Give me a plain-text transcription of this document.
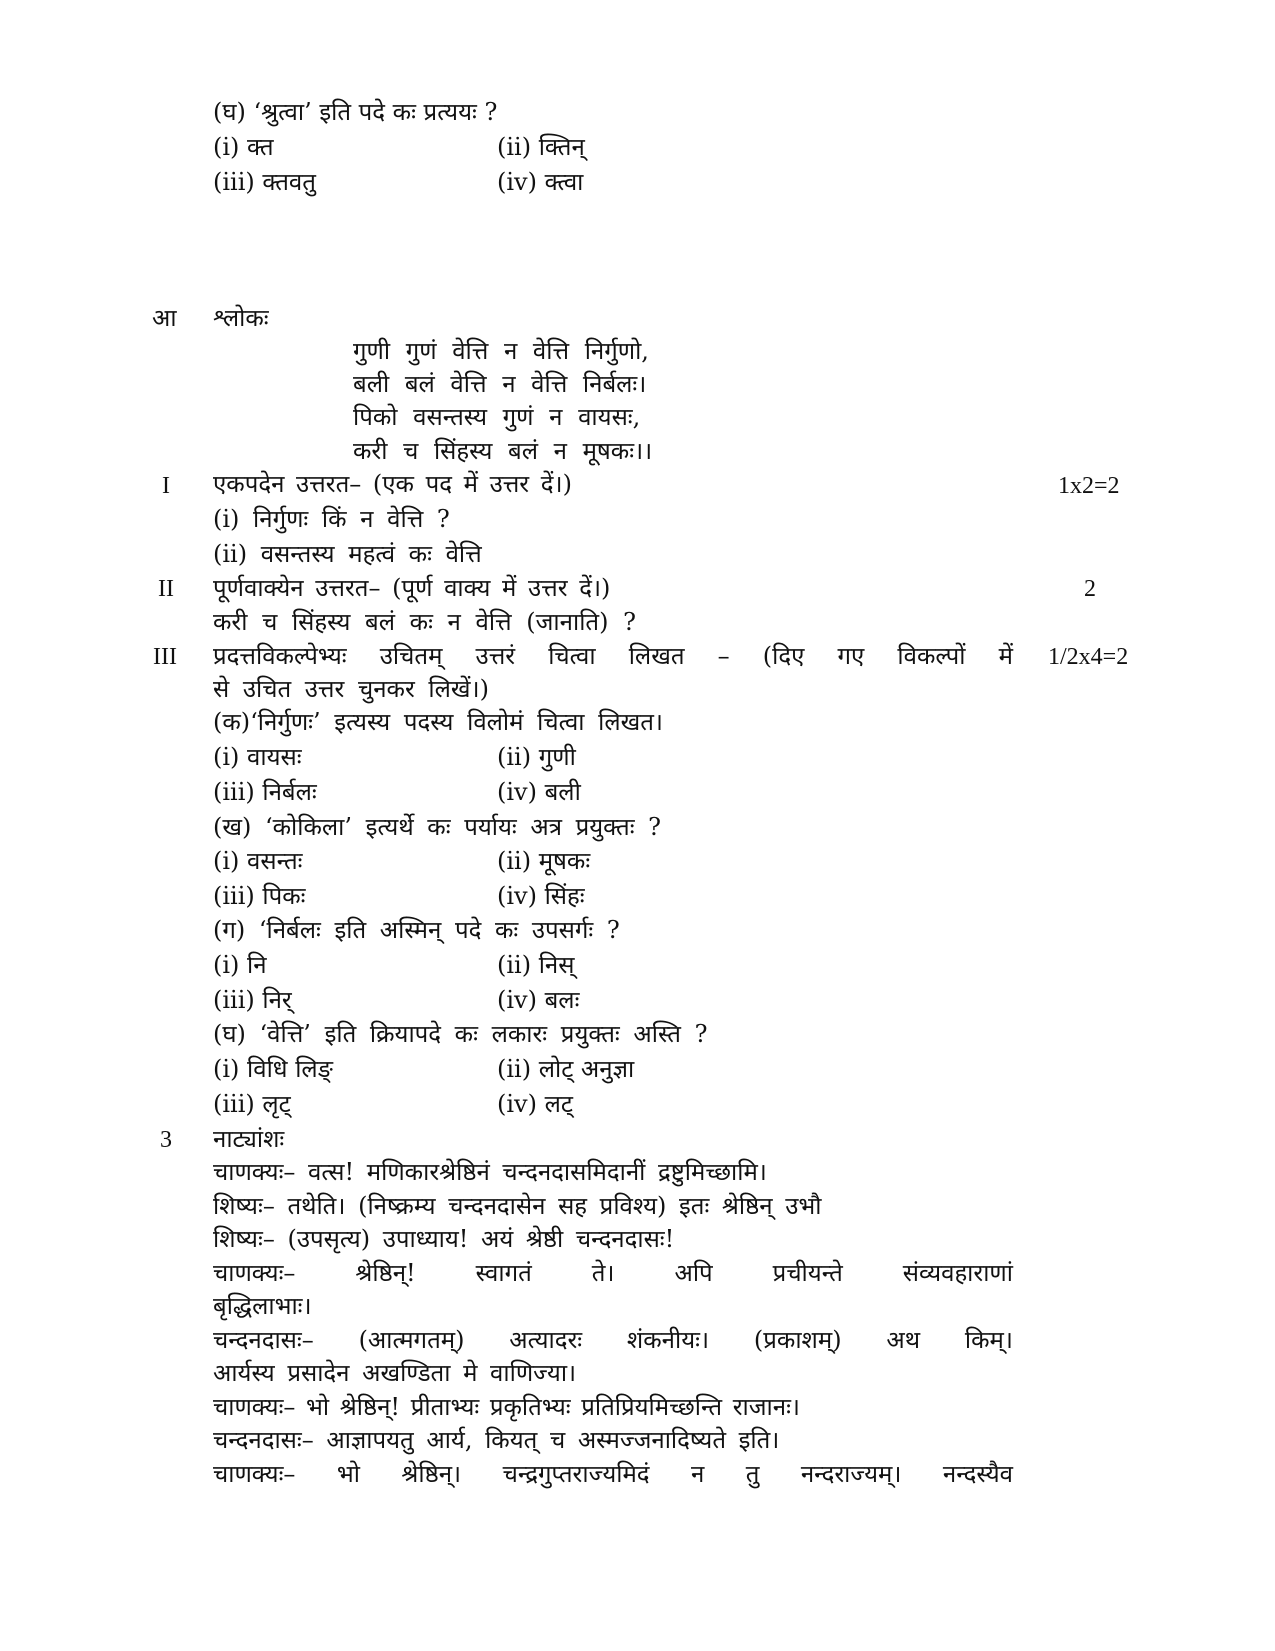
(घ) ‘श्रुत्वा’ इति पदे कः प्रत्ययः ?
(i) क्त	(ii) क्तिन्
(iii) क्तवतु	(iv) क्त्वा
आ श्लोकः
गुणी गुणं वेत्ति न वेत्ति निर्गुणो,
बली बलं वेत्ति न वेत्ति निर्बलः।
पिको वसन्तस्य गुणं न वायसः,
करी च सिंहस्य बलं न मूषकः।।
I एकपदेन उत्तरत– (एक पद में उत्तर दें।)	1x2=2
(i) निर्गुणः किं न वेत्ति ?
(ii) वसन्तस्य महत्वं कः वेत्ति
II पूर्णवाक्येन उत्तरत– (पूर्ण वाक्य में उत्तर दें।)	2
करी च सिंहस्य बलं कः न वेत्ति (जानाति) ?
III प्रदत्तविकल्पेभ्यः उचितम् उत्तरं चित्वा लिखत – (दिए गए विकल्पों में 1/2x4=2
से उचित उत्तर चुनकर लिखें।)
(क)‘निर्गुणः’ इत्यस्य पदस्य विलोमं चित्वा लिखत।
(i) वायसः	(ii) गुणी
(iii) निर्बलः	(iv) बली
(ख) ‘कोकिला’ इत्यर्थे कः पर्यायः अत्र प्रयुक्तः ?
(i) वसन्तः	(ii) मूषकः
(iii) पिकः	(iv) सिंहः
(ग) ‘निर्बलः इति अस्मिन् पदे कः उपसर्गः ?
(i) नि	(ii) निस्
(iii) निर्	(iv) बलः
(घ) ‘वेत्ति’ इति क्रियापदे कः लकारः प्रयुक्तः अस्ति ?
(i) विधि लिङ्	(ii) लोट् अनुज्ञा
(iii) लृट्	(iv) लट्
3 नाट्यांशः
चाणक्यः– वत्स! मणिकारश्रेष्ठिनं चन्दनदासमिदानीं द्रष्टुमिच्छामि।
शिष्यः– तथेति। (निष्क्रम्य चन्दनदासेन सह प्रविश्य) इतः श्रेष्ठिन् उभौ
शिष्यः– (उपसृत्य) उपाध्याय! अयं श्रेष्ठी चन्दनदासः!
चाणक्यः– श्रेष्ठिन्! स्वागतं ते। अपि प्रचीयन्ते संव्यवहाराणां
बृद्धिलाभाः।
चन्दनदासः– (आत्मगतम्) अत्यादरः शंकनीयः। (प्रकाशम्) अथ किम्।
आर्यस्य प्रसादेन अखण्डिता मे वाणिज्या।
चाणक्यः– भो श्रेष्ठिन्! प्रीताभ्यः प्रकृतिभ्यः प्रतिप्रियमिच्छन्ति राजानः।
चन्दनदासः– आज्ञापयतु आर्य, कियत् च अस्मज्जनादिष्यते इति।
चाणक्यः– भो श्रेष्ठिन्। चन्द्रगुप्तराज्यमिदं न तु नन्दराज्यम्। नन्दस्यैव
